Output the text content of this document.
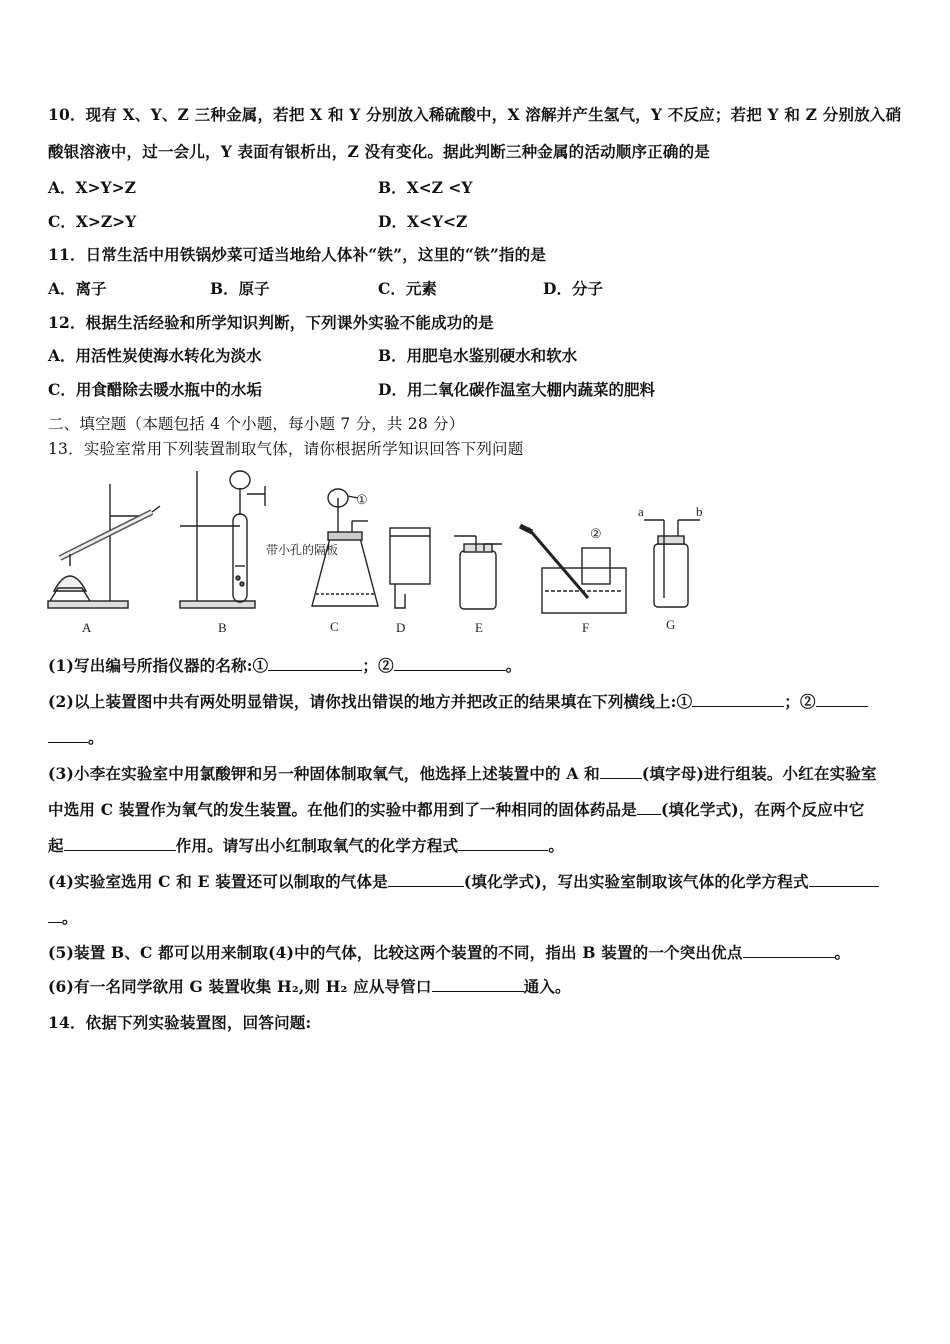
10．现有 X、Y、Z 三种金属，若把 X 和 Y 分别放入稀硫酸中，X 溶解并产生氢气，Y 不反应；若把 Y 和 Z 分别放入硝
酸银溶液中，过一会儿，Y 表面有银析出，Z 没有变化。据此判断三种金属的活动顺序正确的是
A．X>Y>Z	B．X<Z <Y
C．X>Z>Y	D．X<Y<Z
11．日常生活中用铁锅炒菜可适当地给人体补“铁”，这里的“铁”指的是
A．离子	B．原子	C．元素	D．分子
12．根据生活经验和所学知识判断，下列课外实验不能成功的是
A．用活性炭使海水转化为淡水	B．用肥皂水鉴别硬水和软水
C．用食醋除去暖水瓶中的水垢	D．用二氧化碳作温室大棚内蔬菜的肥料
二、填空题（本题包括 4 个小题，每小题 7 分，共 28 分）
13．实验室常用下列装置制取气体，请你根据所学知识回答下列问题
A	B	C	D	E	F	G
带小孔的隔板
①
②
a	b
(1)写出编号所指仪器的名称:①	；②	。
(2)以上装置图中共有两处明显错误，请你找出错误的地方并把改正的结果填在下列横线上:①	；②
。
(3)小李在实验室中用氯酸钾和另一种固体制取氧气，他选择上述装置中的 A 和	(填字母)进行组装。小红在实验室
中选用 C 装置作为氧气的发生装置。在他们的实验中都用到了一种相同的固体药品是 (填化学式)，在两个反应中它
起	作用。请写出小红制取氧气的化学方程式	。
(4)实验室选用 C 和 E 装置还可以制取的气体是	(填化学式)，写出实验室制取该气体的化学方程式
。
(5)装置 B、C 都可以用来制取(4)中的气体，比较这两个装置的不同，指出 B 装置的一个突出优点	。
(6)有一名同学欲用 G 装置收集 H₂,则 H₂ 应从导管口	通入。
14．依据下列实验装置图，回答问题:
